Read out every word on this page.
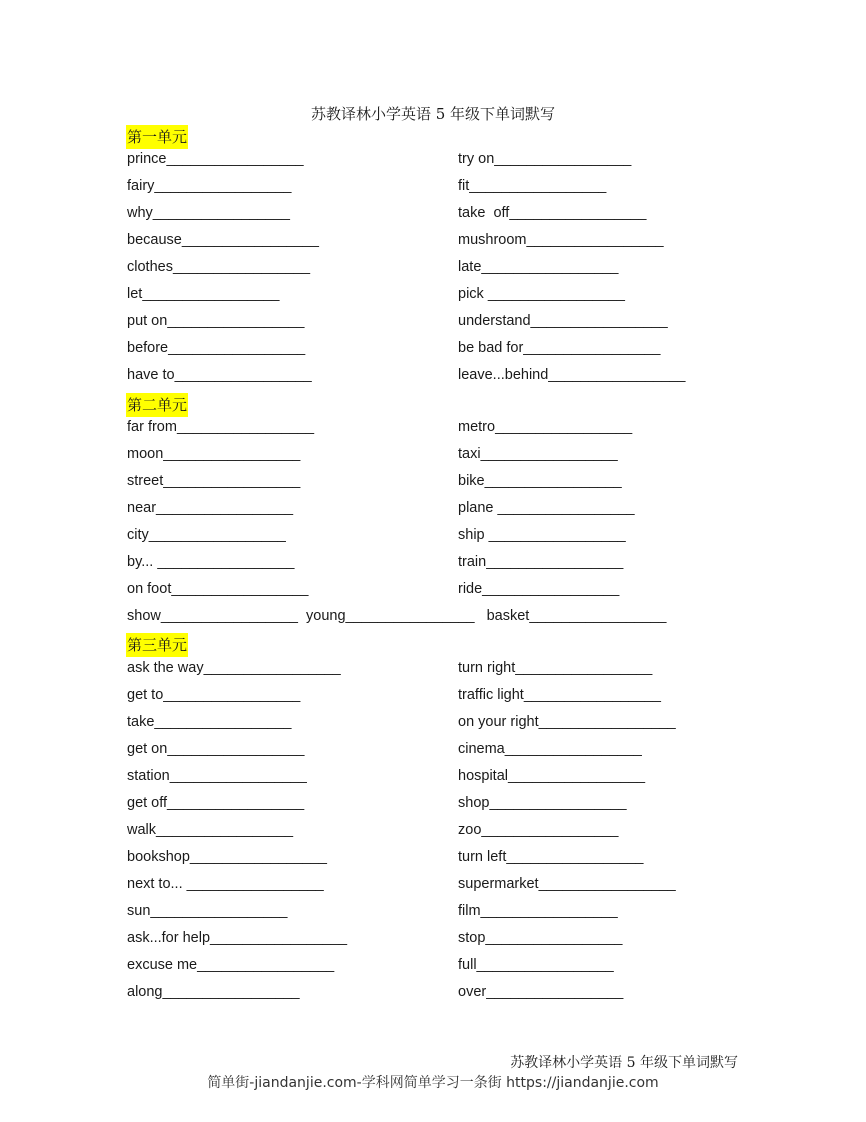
苏教译林小学英语 5 年级下单词默写
第一单元
prince_________________	try on_________________
fairy_________________	fit_________________
why_________________	take  off_________________
because_________________	mushroom_________________
clothes_________________	late_________________
let_________________	pick _________________
put on_________________	understand_________________
before_________________	be bad for_________________
have to_________________	leave...behind_________________
第二单元
far from_________________	metro_________________
moon_________________	taxi_________________
street_________________	bike_________________
near_________________	plane _________________
city_________________	ship _________________
by... _________________	train_________________
on foot_________________	ride_________________
show_________________  young________________   basket_________________
第三单元
ask the way_________________	turn right_________________
get to_________________	traffic light_________________
take_________________	on your right_________________
get on_________________	cinema_________________
station_________________	hospital_________________
get off_________________	shop_________________
walk_________________	zoo_________________
bookshop_________________	turn left_________________
next to... _________________	supermarket_________________
sun_________________	film_________________
ask...for help_________________	stop_________________
excuse me_________________	full_________________
along_________________	over_________________
苏教译林小学英语 5 年级下单词默写
简单街-jiandanjie.com-学科网简单学习一条街 https://jiandanjie.com
